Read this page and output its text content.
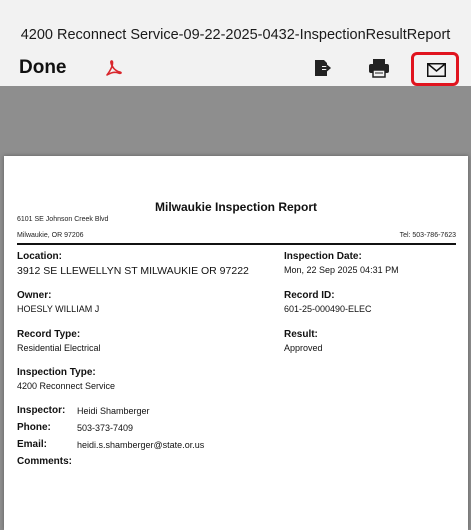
4200 Reconnect Service-09-22-2025-0432-InspectionResultReport
Done
Milwaukie Inspection Report
6101 SE Johnson Creek Blvd
Milwaukie, OR 97206	Tel: 503-786-7623
Location:
3912 SE LLEWELLYN ST MILWAUKIE OR 97222
Inspection Date:
Mon, 22 Sep 2025 04:31 PM
Owner:
HOESLY WILLIAM J
Record ID:
601-25-000490-ELEC
Record Type:
Residential Electrical
Result:
Approved
Inspection Type:
4200 Reconnect Service
Inspector: Heidi Shamberger
Phone:	503-373-7409
Email:	heidi.s.shamberger@state.or.us
Comments:
